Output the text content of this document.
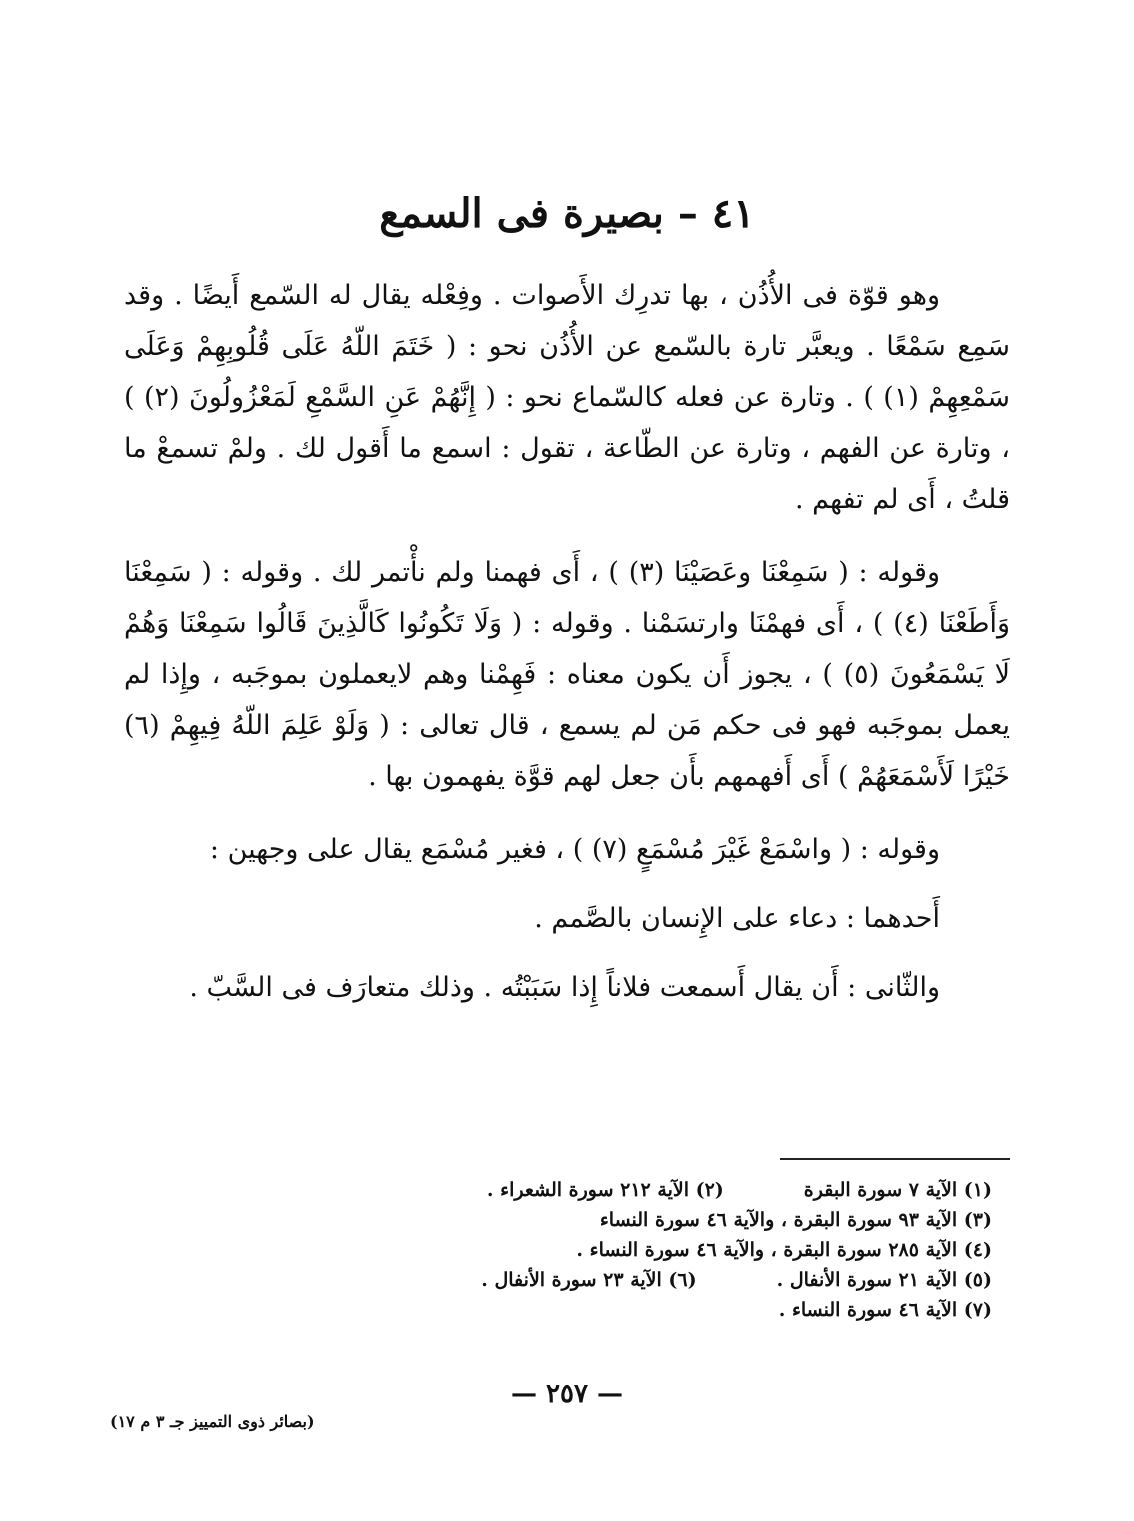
٤١ – بصيرة فى السمع

وهو قوّة فى الأُذُن ، بها تدرِك الأَصوات . وفِعْله يقال له السّمع أَيضًا . وقد سَمِع سَمْعًا . ويعبَّر تارة بالسّمع عن الأُذُن نحو : ( خَتَمَ اللّهُ عَلَى قُلُوبِهِمْ وَعَلَى سَمْعِهِمْ (١) ) . وتارة عن فعله كالسّماع نحو : ( إِنَّهُمْ عَنِ السَّمْعِ لَمَعْزُولُونَ (٢) ) ، وتارة عن الفهم ، وتارة عن الطّاعة ، تقول : اسمع ما أَقول لك . ولمْ تسمعْ ما قلتُ ، أَى لم تفهم .

وقوله : ( سَمِعْنَا وعَصَيْنَا (٣) ) ، أَى فهمنا ولم نأْتمر لك . وقوله : ( سَمِعْنَا وَأَطَعْنَا (٤) ) ، أَى فهمْنَا وارتسَمْنا . وقوله : ( وَلَا تَكُونُوا كَالَّذِينَ قَالُوا سَمِعْنَا وَهُمْ لَا يَسْمَعُونَ (٥) ) ، يجوز أَن يكون معناه : فَهِمْنا وهم لايعملون بموجَبه ، وإِذا لم يعمل بموجَبه فهو فى حكم مَن لم يسمع ، قال تعالى : ( وَلَوْ عَلِمَ اللّهُ فِيهِمْ (٦) خَيْرًا لَأَسْمَعَهُمْ ) أَى أَفهمهم بأَن جعل لهم قوَّة يفهمون بها .

وقوله : ( واسْمَعْ غَيْرَ مُسْمَعٍ (٧) ) ، فغير مُسْمَع يقال على وجهين :

أَحدهما : دعاء على الإِنسان بالصَّمم .

والثّانى : أَن يقال أَسمعت فلاناً إِذا سَبَبْتُه . وذلك متعارَف فى السَّبّ .

(١) الآية ٧ سورة البقرة
(٢) الآية ٢١٢ سورة الشعراء .
(٣) الآية ٩٣ سورة البقرة ، والآية ٤٦ سورة النساء
(٤) الآية ٢٨٥ سورة البقرة ، والآية ٤٦ سورة النساء .
(٥) الآية ٢١ سورة الأنفال .
(٦) الآية ٢٣ سورة الأنفال .
(٧) الآية ٤٦ سورة النساء .
— ٢٥٧ —
(بصائر ذوى التمييز جـ ٣ م ١٧)
